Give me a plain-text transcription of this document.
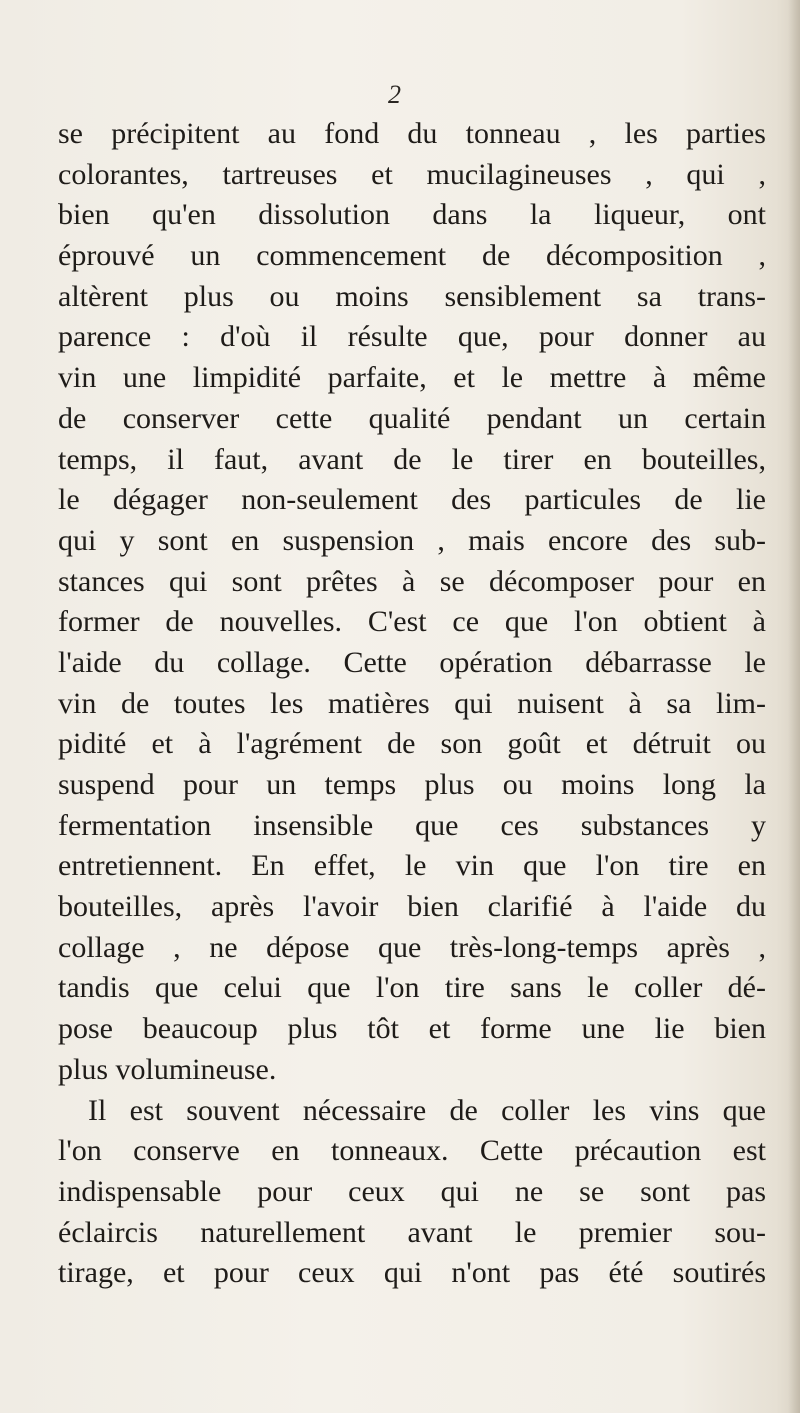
2
se précipitent au fond du tonneau , les parties
colorantes, tartreuses et mucilagineuses , qui ,
bien qu'en dissolution dans la liqueur, ont
éprouvé un commencement de décomposition ,
altèrent plus ou moins sensiblement sa trans-
parence : d'où il résulte que, pour donner au
vin une limpidité parfaite, et le mettre à même
de conserver cette qualité pendant un certain
temps, il faut, avant de le tirer en bouteilles,
le dégager non-seulement des particules de lie
qui y sont en suspension , mais encore des sub-
stances qui sont prêtes à se décomposer pour en
former de nouvelles. C'est ce que l'on obtient à
l'aide du collage. Cette opération débarrasse le
vin de toutes les matières qui nuisent à sa lim-
pidité et à l'agrément de son goût et détruit ou
suspend pour un temps plus ou moins long la
fermentation insensible que ces substances y
entretiennent. En effet, le vin que l'on tire en
bouteilles, après l'avoir bien clarifié à l'aide du
collage , ne dépose que très-long-temps après ,
tandis que celui que l'on tire sans le coller dé-
pose beaucoup plus tôt et forme une lie bien
plus volumineuse.
Il est souvent nécessaire de coller les vins que
l'on conserve en tonneaux. Cette précaution est
indispensable pour ceux qui ne se sont pas
éclaircis naturellement avant le premier sou-
tirage, et pour ceux qui n'ont pas été soutirés
